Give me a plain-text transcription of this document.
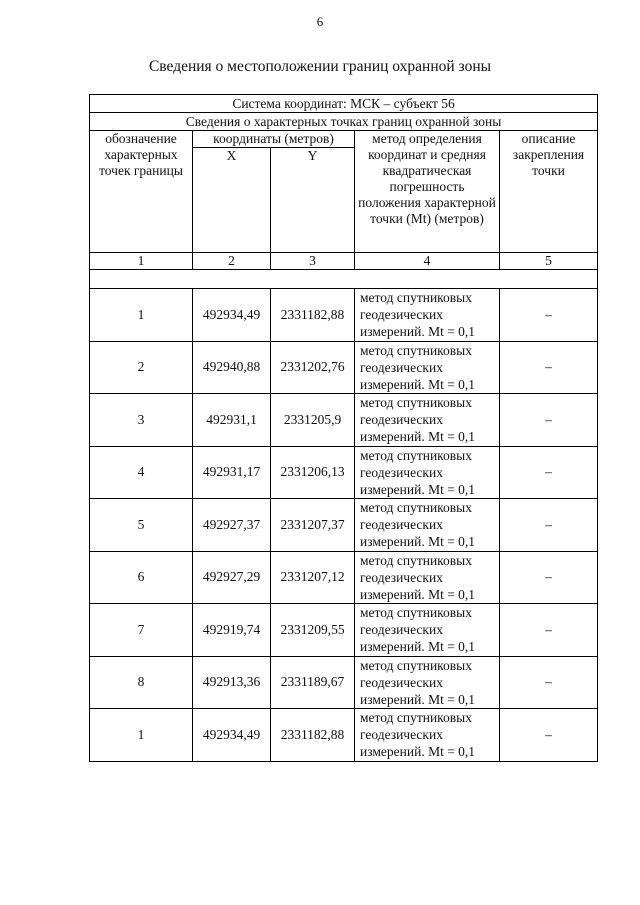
6
Сведения о местоположении границ охранной зоны
Система координат: МСК – субъект 56				
Сведения о характерных точках границ охранной зоны				
обозначение характерных точек границы	координаты (метров)		метод определения координат и средняя квадратическая погрешность положения характерной точки (Mt) (метров)	описание закрепления точки
	X	Y		
1	2	3	4	5

1	492934,49	2331182,88	метод спутниковых геодезических измерений. Mt = 0,1	–
2	492940,88	2331202,76	метод спутниковых геодезических измерений. Mt = 0,1	–
3	492931,1	2331205,9	метод спутниковых геодезических измерений. Mt = 0,1	–
4	492931,17	2331206,13	метод спутниковых геодезических измерений. Mt = 0,1	–
5	492927,37	2331207,37	метод спутниковых геодезических измерений. Mt = 0,1	–
6	492927,29	2331207,12	метод спутниковых геодезических измерений. Mt = 0,1	–
7	492919,74	2331209,55	метод спутниковых геодезических измерений. Mt = 0,1	–
8	492913,36	2331189,67	метод спутниковых геодезических измерений. Mt = 0,1	–
1	492934,49	2331182,88	метод спутниковых геодезических измерений. Mt = 0,1	–
